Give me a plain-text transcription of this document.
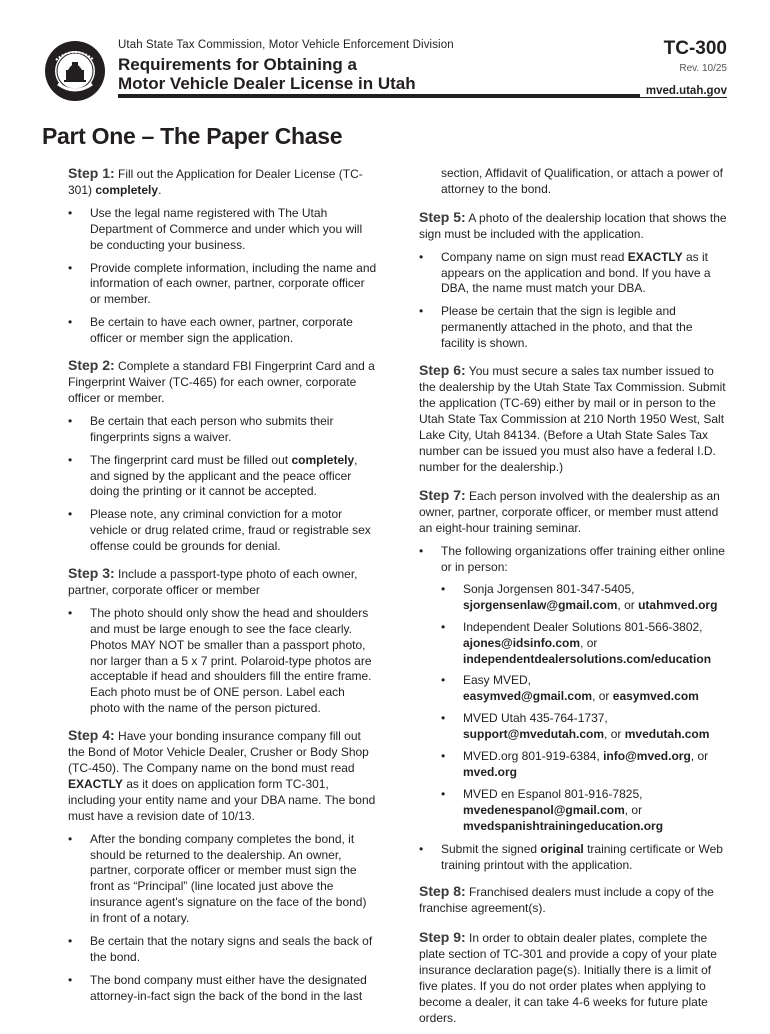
Utah State Tax Commission, Motor Vehicle Enforcement Division
Requirements for Obtaining a
Motor Vehicle Dealer License in Utah
TC-300
Rev. 10/25
mved.utah.gov
Part One – The Paper Chase
Step 1: Fill out the Application for Dealer License (TC-301) completely.
• Use the legal name registered with The Utah Department of Commerce and under which you will be conducting your business.
• Provide complete information, including the name and information of each owner, partner, corporate officer or member.
• Be certain to have each owner, partner, corporate officer or member sign the application.
Step 2: Complete a standard FBI Fingerprint Card and a Fingerprint Waiver (TC-465) for each owner, corporate officer or member.
• Be certain that each person who submits their fingerprints signs a waiver.
• The fingerprint card must be filled out completely, and signed by the applicant and the peace officer doing the printing or it cannot be accepted.
• Please note, any criminal conviction for a motor vehicle or drug related crime, fraud or registrable sex offense could be grounds for denial.
Step 3: Include a passport-type photo of each owner, partner, corporate officer or member
• The photo should only show the head and shoulders and must be large enough to see the face clearly. Photos MAY NOT be smaller than a passport photo, nor larger than a 5 x 7 print. Polaroid-type photos are acceptable if head and shoulders fill the entire frame. Each photo must be of ONE person. Label each photo with the name of the person pictured.
Step 4: Have your bonding insurance company fill out the Bond of Motor Vehicle Dealer, Crusher or Body Shop (TC-450). The Company name on the bond must read EXACTLY as it does on application form TC-301, including your entity name and your DBA name. The bond must have a revision date of 10/13.
• After the bonding company completes the bond, it should be returned to the dealership. An owner, partner, corporate officer or member must sign the front as “Principal” (line located just above the insurance agent's signature on the face of the bond) in front of a notary.
• Be certain that the notary signs and seals the back of the bond.
• The bond company must either have the designated attorney-in-fact sign the back of the bond in the last
section, Affidavit of Qualification, or attach a power of attorney to the bond.
Step 5: A photo of the dealership location that shows the sign must be included with the application.
• Company name on sign must read EXACTLY as it appears on the application and bond. If you have a DBA, the name must match your DBA.
• Please be certain that the sign is legible and permanently attached in the photo, and that the facility is shown.
Step 6: You must secure a sales tax number issued to the dealership by the Utah State Tax Commission. Submit the application (TC-69) either by mail or in person to the Utah State Tax Commission at 210 North 1950 West, Salt Lake City, Utah 84134. (Before a Utah State Sales Tax number can be issued you must also have a federal I.D. number for the dealership.)
Step 7: Each person involved with the dealership as an owner, partner, corporate officer, or member must attend an eight-hour training seminar.
• The following organizations offer training either online or in person:
• Sonja Jorgensen 801-347-5405,
sjorgensenlaw@gmail.com, or utahmved.org
• Independent Dealer Solutions 801-566-3802,
ajones@idsinfo.com, or
independentdealersolutions.com/education
• Easy MVED,
easymved@gmail.com, or easymved.com
• MVED Utah 435-764-1737,
support@mvedutah.com, or mvedutah.com
• MVED.org 801-919-6384, info@mved.org, or
mved.org
• MVED en Espanol 801-916-7825,
mvedenespanol@gmail.com, or
mvedspanishtrainingeducation.org
• Submit the signed original training certificate or Web training printout with the application.
Step 8: Franchised dealers must include a copy of the franchise agreement(s).
Step 9: In order to obtain dealer plates, complete the plate section of TC-301 and provide a copy of your plate insurance declaration page(s). Initially there is a limit of five plates. If you do not order plates when applying to become a dealer, it can take 4-6 weeks for future plate orders.
